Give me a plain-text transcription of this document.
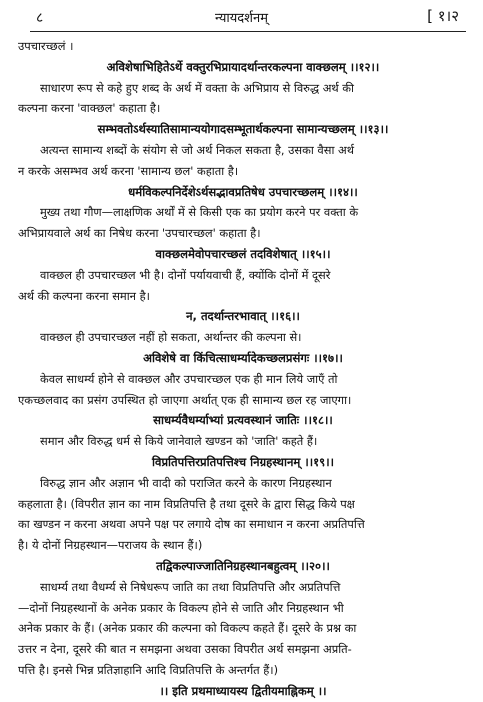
८	न्यायदर्शनम्	[ १।२
उपचारच्छलं ।
अविशेषाभिहितेऽर्थे वक्तुरभिप्रायादर्थान्तरकल्पना वाक्छलम् ।।१२।।
साधारण रूप से कहे हुए शब्द के अर्थ में वक्ता के अभिप्राय से विरुद्ध अर्थ की
कल्पना करना 'वाक्छल' कहाता है।
सम्भवतोऽर्थस्यातिसामान्ययोगादसम्भूतार्थकल्पना सामान्यच्छलम् ।।१३।।
अत्यन्त सामान्य शब्दों के संयोग से जो अर्थ निकल सकता है, उसका वैसा अर्थ
न करके असम्भव अर्थ करना 'सामान्य छल' कहाता है।
धर्मविकल्पनिर्देशेऽर्थसद्भावप्रतिषेध उपचारच्छलम् ।।१४।।
मुख्य तथा गौण—लाक्षणिक अर्थों में से किसी एक का प्रयोग करने पर वक्ता के
अभिप्रायवाले अर्थ का निषेध करना 'उपचारच्छल' कहाता है।
वाक्छलमेवोपचारच्छलं तदविशेषात् ।।१५।।
वाक्छल ही उपचारच्छल भी है। दोनों पर्यायवाची हैं, क्योंकि दोनों में दूसरे
अर्थ की कल्पना करना समान है।
न, तदर्थान्तरभावात् ।।१६।।
वाक्छल ही उपचारच्छल नहीं हो सकता, अर्थान्तर की कल्पना से।
अविशेषे वा किंचित्साधर्म्यादेकच्छलप्रसंगः ।।१७।।
केवल साधर्म्य होने से वाक्छल और उपचारच्छल एक ही मान लिये जाएँ तो
एकच्छलवाद का प्रसंग उपस्थित हो जाएगा अर्थात् एक ही सामान्य छल रह जाएगा।
साधर्म्यवैधर्म्याभ्यां प्रत्यवस्थानं जातिः ।।१८।।
समान और विरुद्ध धर्म से किये जानेवाले खण्डन को 'जाति' कहते हैं।
विप्रतिपत्तिरप्रतिपत्तिश्च निग्रहस्थानम् ।।१९।।
विरुद्ध ज्ञान और अज्ञान भी वादी को पराजित करने के कारण निग्रहस्थान
कहलाता है। (विपरीत ज्ञान का नाम विप्रतिपत्ति है तथा दूसरे के द्वारा सिद्ध किये पक्ष
का खण्डन न करना अथवा अपने पक्ष पर लगाये दोष का समाधान न करना अप्रतिपत्ति
है। ये दोनों निग्रहस्थान—पराजय के स्थान हैं।)
तद्विकल्पाज्जातिनिग्रहस्थानबहुत्वम् ।।२०।।
साधर्म्य तथा वैधर्म्य से निषेधरूप जाति का तथा विप्रतिपत्ति और अप्रतिपत्ति
—दोनों निग्रहस्थानों के अनेक प्रकार के विकल्प होने से जाति और निग्रहस्थान भी
अनेक प्रकार के हैं। (अनेक प्रकार की कल्पना को विकल्प कहते हैं। दूसरे के प्रश्न का
उत्तर न देना, दूसरे की बात न समझना अथवा उसका विपरीत अर्थ समझना अप्रति-
पत्ति है। इनसे भिन्न प्रतिज्ञाहानि आदि विप्रतिपत्ति के अन्तर्गत हैं।)
।। इति प्रथमाध्यायस्य द्वितीयमाह्निकम् ।।
